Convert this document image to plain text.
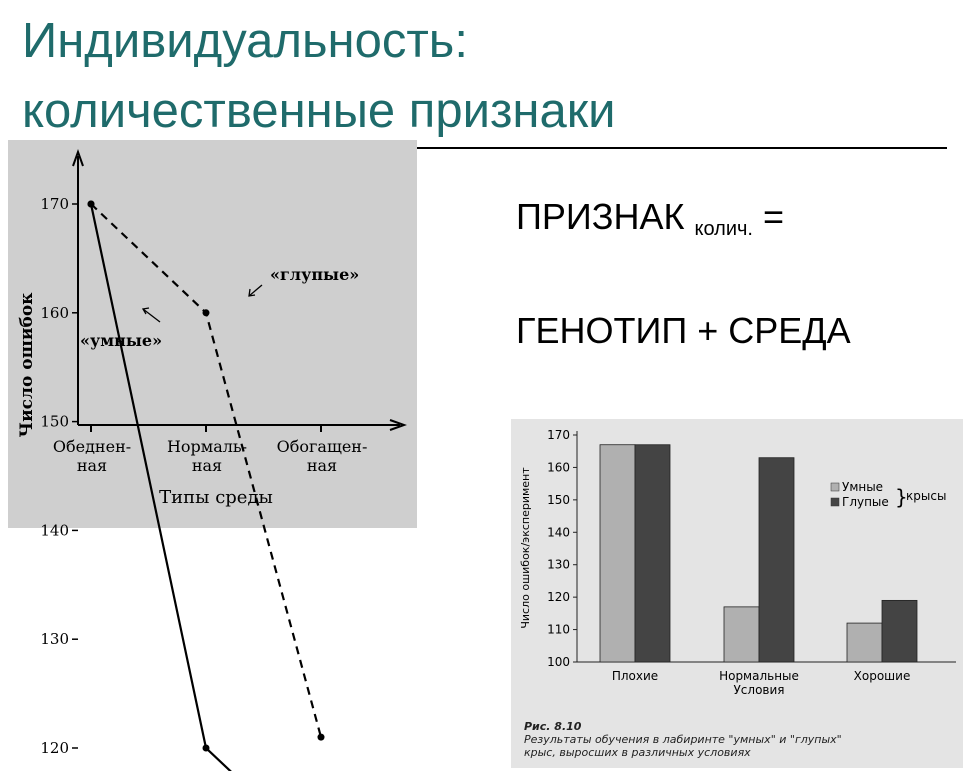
Индивидуальность:
количественные признаки
ПРИЗНАК $_{колич.}$ =
ГЕНОТИП + СРЕДА
120
130
140
150
160
170
Обеднен-
ная
Нормаль-
ная
Обогащен-
ная
Число ошибок
Типы среды
«умные»
«глупые»
100
110
120
130
140
150
160
170
Плохие	Нормальные
Условия
Хорошие
Число ошибок/эксперимент	Умные
Глупые }
крысы
Рис. 8.10
Результаты обучения в лабиринте "умных" и "глупых"
крыс, выросших в различных условиях
